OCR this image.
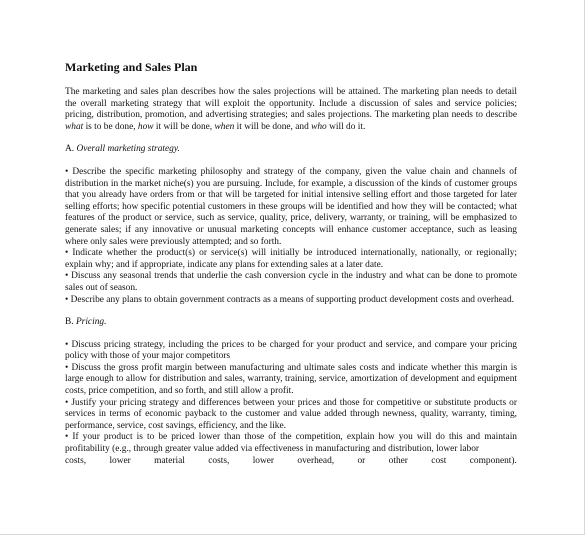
Marketing and Sales Plan

The marketing and sales plan describes how the sales projections will be attained. The marketing plan needs to detail the overall marketing strategy that will exploit the opportunity. Include a discussion of sales and service policies; pricing, distribution, promotion, and advertising strategies; and sales projections. The marketing plan needs to describe what is to be done, how it will be done, when it will be done, and who will do it.

A. Overall marketing strategy.

• Describe the specific marketing philosophy and strategy of the company, given the value chain and channels of distribution in the market niche(s) you are pursuing. Include, for example, a discussion of the kinds of customer groups that you already have orders from or that will be targeted for initial intensive selling effort and those targeted for later selling efforts; how specific potential customers in these groups will be identified and how they will be contacted; what features of the product or service, such as service, quality, price, delivery, warranty, or training, will be emphasized to generate sales; if any innovative or unusual marketing concepts will enhance customer acceptance, such as leasing where only sales were previously attempted; and so forth.

• Indicate whether the product(s) or service(s) will initially be introduced internationally, nationally, or regionally; explain why; and if appropriate, indicate any plans for extending sales at a later date.

• Discuss any seasonal trends that underlie the cash conversion cycle in the industry and what can be done to promote sales out of season.

• Describe any plans to obtain government contracts as a means of supporting product development costs and overhead.

B. Pricing.

• Discuss pricing strategy, including the prices to be charged for your product and service, and compare your pricing policy with those of your major competitors

• Discuss the gross profit margin between manufacturing and ultimate sales costs and indicate whether this margin is large enough to allow for distribution and sales, warranty, training, service, amortization of development and equipment costs, price competition, and so forth, and still allow a profit.

• Justify your pricing strategy and differences between your prices and those for competitive or substitute products or services in terms of economic payback to the customer and value added through newness, quality, warranty, timing, performance, service, cost savings, efficiency, and the like.

• If your product is to be priced lower than those of the competition, explain how you will do this and maintain profitability (e.g., through greater value added via effectiveness in manufacturing and distribution, lower labor

costs, lower material costs, lower overhead, or other cost component).
